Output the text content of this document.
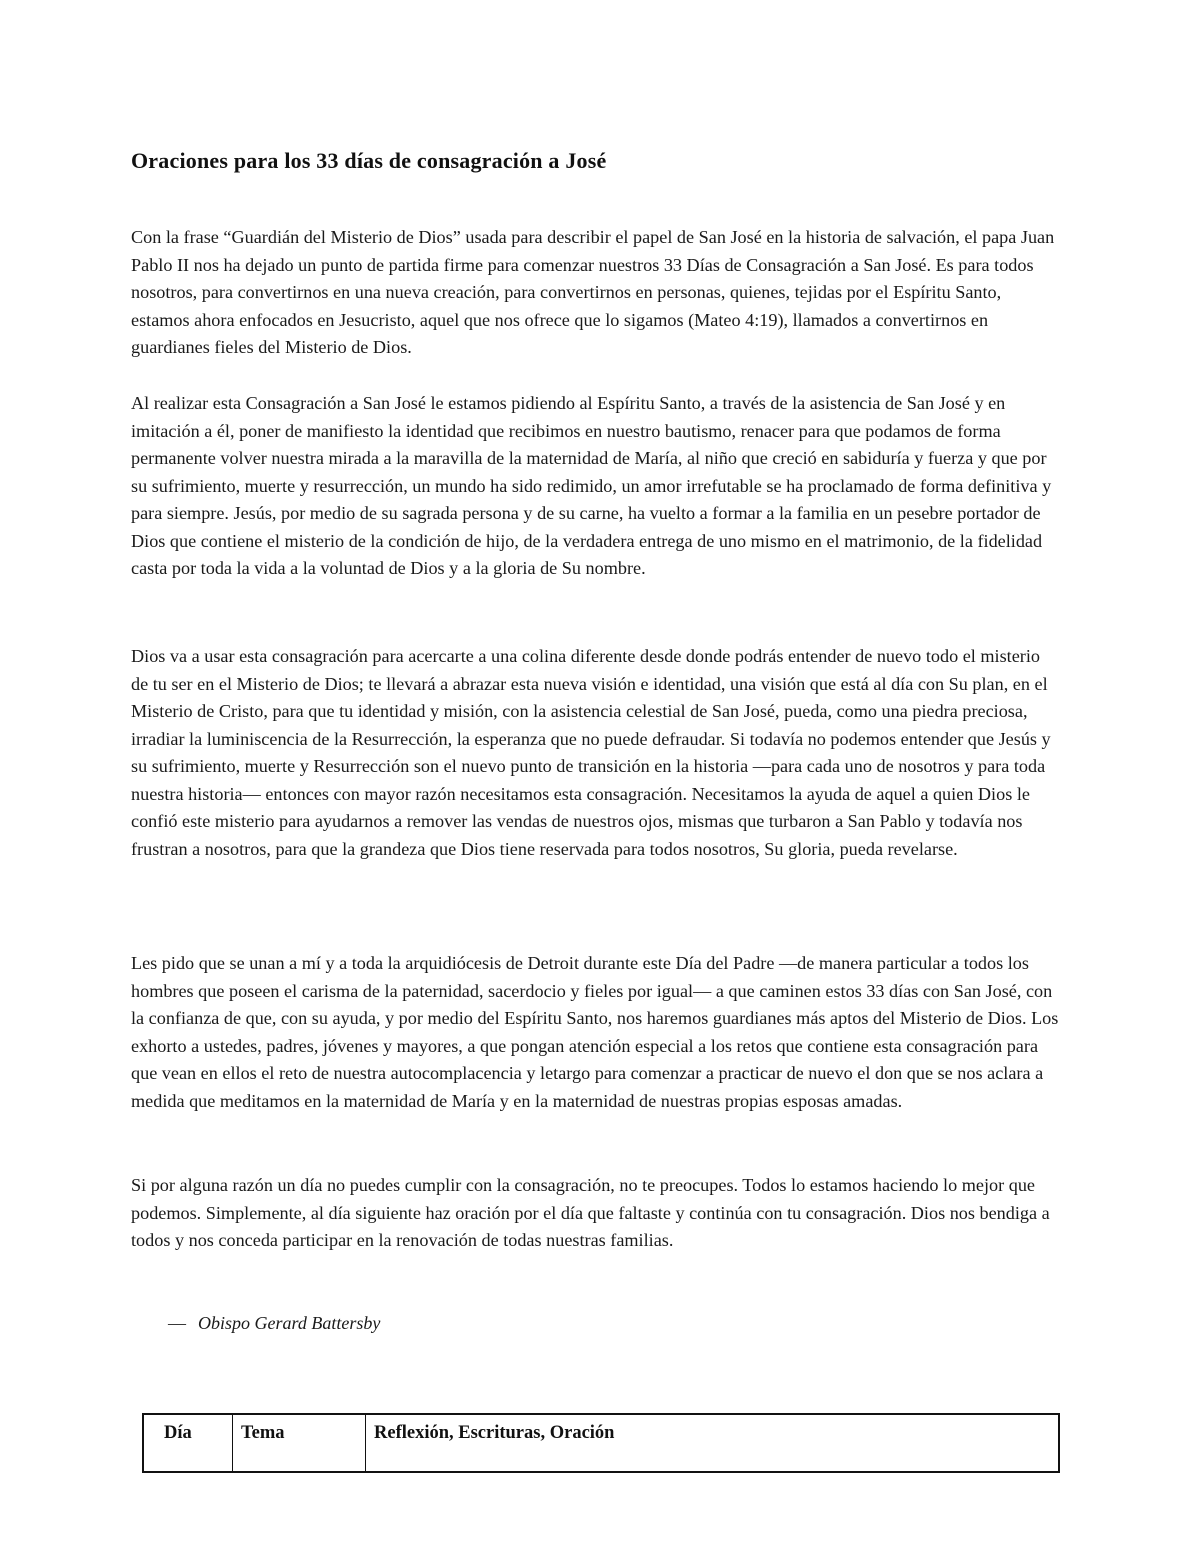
Oraciones para los 33 días de consagración a José

Con la frase “Guardián del Misterio de Dios” usada para describir el papel de San José en la historia de salvación, el papa Juan Pablo II nos ha dejado un punto de partida firme para comenzar nuestros 33 Días de Consagración a San José. Es para todos nosotros, para convertirnos en una nueva creación, para convertirnos en personas, quienes, tejidas por el Espíritu Santo, estamos ahora enfocados en Jesucristo, aquel que nos ofrece que lo sigamos (Mateo 4:19), llamados a convertirnos en guardianes fieles del Misterio de Dios.

Al realizar esta Consagración a San José le estamos pidiendo al Espíritu Santo, a través de la asistencia de San José y en imitación a él, poner de manifiesto la identidad que recibimos en nuestro bautismo, renacer para que podamos de forma permanente volver nuestra mirada a la maravilla de la maternidad de María, al niño que creció en sabiduría y fuerza y que por su sufrimiento, muerte y resurrección, un mundo ha sido redimido, un amor irrefutable se ha proclamado de forma definitiva y para siempre. Jesús, por medio de su sagrada persona y de su carne, ha vuelto a formar a la familia en un pesebre portador de Dios que contiene el misterio de la condición de hijo, de la verdadera entrega de uno mismo en el matrimonio, de la fidelidad casta por toda la vida a la voluntad de Dios y a la gloria de Su nombre.

Dios va a usar esta consagración para acercarte a una colina diferente desde donde podrás entender de nuevo todo el misterio de tu ser en el Misterio de Dios; te llevará a abrazar esta nueva visión e identidad, una visión que está al día con Su plan, en el Misterio de Cristo, para que tu identidad y misión, con la asistencia celestial de San José, pueda, como una piedra preciosa, irradiar la luminiscencia de la Resurrección, la esperanza que no puede defraudar. Si todavía no podemos entender que Jesús y su sufrimiento, muerte y Resurrección son el nuevo punto de transición en la historia —para cada uno de nosotros y para toda nuestra historia— entonces con mayor razón necesitamos esta consagración. Necesitamos la ayuda de aquel a quien Dios le confió este misterio para ayudarnos a remover las vendas de nuestros ojos, mismas que turbaron a San Pablo y todavía nos frustran a nosotros, para que la grandeza que Dios tiene reservada para todos nosotros, Su gloria, pueda revelarse.

Les pido que se unan a mí y a toda la arquidiócesis de Detroit durante este Día del Padre —de manera particular a todos los hombres que poseen el carisma de la paternidad, sacerdocio y fieles por igual— a que caminen estos 33 días con San José, con la confianza de que, con su ayuda, y por medio del Espíritu Santo, nos haremos guardianes más aptos del Misterio de Dios. Los exhorto a ustedes, padres, jóvenes y mayores, a que pongan atención especial a los retos que contiene esta consagración para que vean en ellos el reto de nuestra autocomplacencia y letargo para comenzar a practicar de nuevo el don que se nos aclara a medida que meditamos en la maternidad de María y en la maternidad de nuestras propias esposas amadas.

Si por alguna razón un día no puedes cumplir con la consagración, no te preocupes. Todos lo estamos haciendo lo mejor que podemos. Simplemente, al día siguiente haz oración por el día que faltaste y continúa con tu consagración. Dios nos bendiga a todos y nos conceda participar en la renovación de todas nuestras familias.

— Obispo Gerard Battersby

Día	Tema	Reflexión, Escrituras, Oración
